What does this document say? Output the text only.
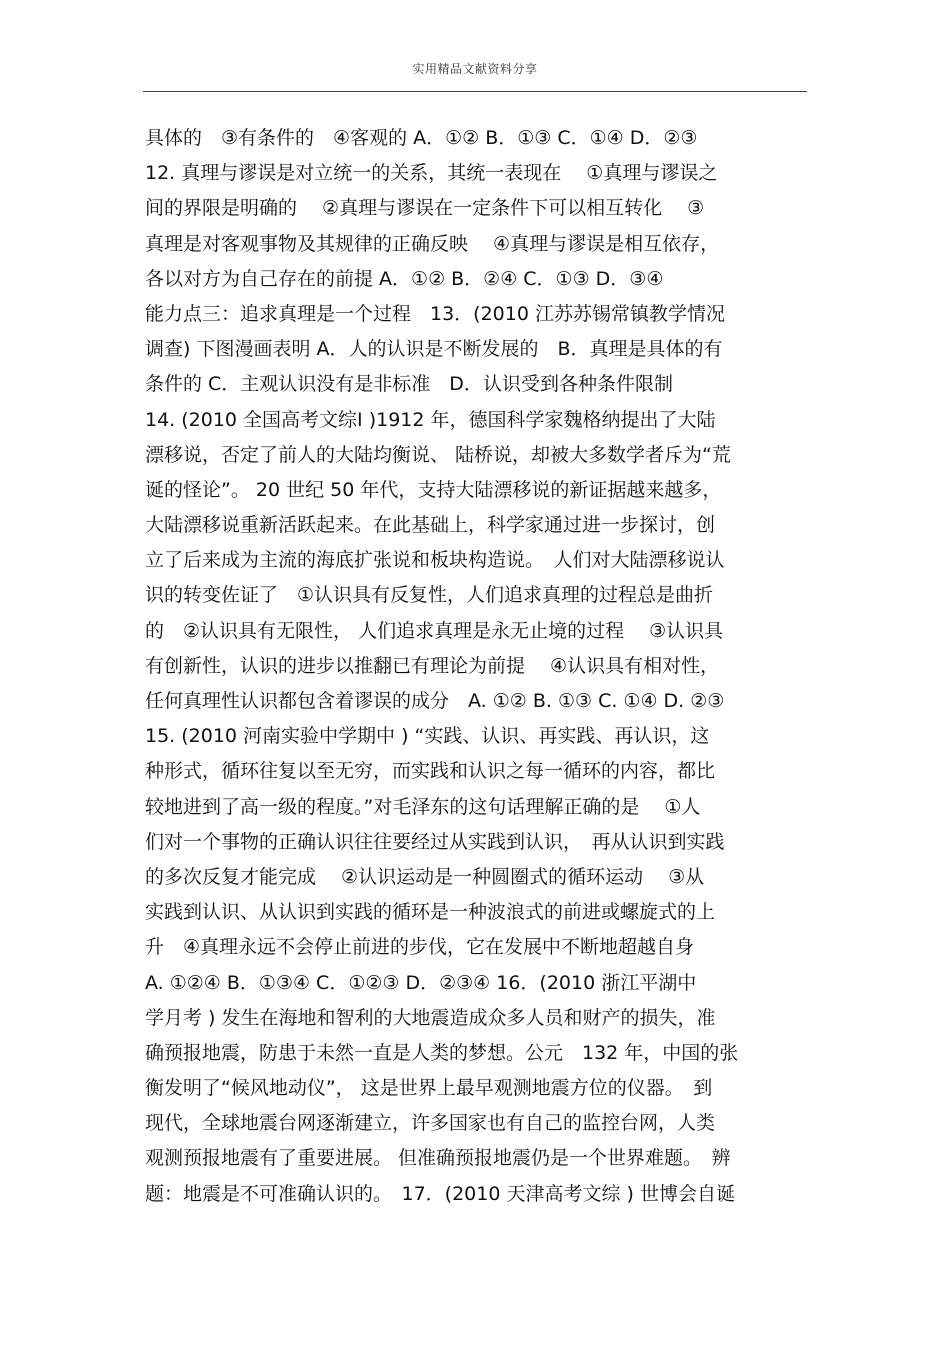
实用精品文献资料分享
具体的　③有条件的　④客观的 A．①② B．①③ C．①④ D．②③
12. 真理与谬误是对立统一的关系，其统一表现在　 ①真理与谬误之
间的界限是明确的　 ②真理与谬误在一定条件下可以相互转化　 ③
真理是对客观事物及其规律的正确反映　 ④真理与谬误是相互依存，
各以对方为自己存在的前提 A．①② B．②④ C．①③ D．③④
能力点三：追求真理是一个过程　13．(2010 江苏苏锡常镇教学情况
调查) 下图漫画表明 A．人的认识是不断发展的　B．真理是具体的有
条件的 C．主观认识没有是非标准　D．认识受到各种条件限制
14. (2010 全国高考文综Ⅰ )1912 年，德国科学家魏格纳提出了大陆
漂移说，否定了前人的大陆均衡说、 陆桥说，却被大多数学者斥为“荒
诞的怪论”。 20 世纪 50 年代，支持大陆漂移说的新证据越来越多，
大陆漂移说重新活跃起来。在此基础上，科学家通过进一步探讨，创
立了后来成为主流的海底扩张说和板块构造说。　人们对大陆漂移说认
识的转变佐证了　①认识具有反复性，人们追求真理的过程总是曲折
的　②认识具有无限性， 人们追求真理是永无止境的过程　 ③认识具
有创新性，认识的进步以推翻已有理论为前提　 ④认识具有相对性，
任何真理性认识都包含着谬误的成分　A. ①② B. ①③ C. ①④ D. ②③
15. (2010 河南实验中学期中 ) “实践、认识、再实践、再认识，这
种形式，循环往复以至无穷，而实践和认识之每一循环的内容，都比
较地进到了高一级的程度。”对毛泽东的这句话理解正确的是　 ①人
们对一个事物的正确认识往往要经过从实践到认识，　再从认识到实践
的多次反复才能完成　 ②认识运动是一种圆圈式的循环运动　 ③从
实践到认识、从认识到实践的循环是一种波浪式的前进或螺旋式的上
升　④真理永远不会停止前进的步伐，它在发展中不断地超越自身
A. ①②④ B．①③④ C．①②③ D．②③④ 16．(2010 浙江平湖中
学月考 ) 发生在海地和智利的大地震造成众多人员和财产的损失，准
确预报地震，防患于未然一直是人类的梦想。公元　132 年，中国的张
衡发明了“候风地动仪”， 这是世界上最早观测地震方位的仪器。　到
现代，全球地震台网逐渐建立，许多国家也有自己的监控台网，人类
观测预报地震有了重要进展。 但准确预报地震仍是一个世界难题。　辨
题：地震是不可准确认识的。　17．(2010 天津高考文综 ) 世博会自诞
